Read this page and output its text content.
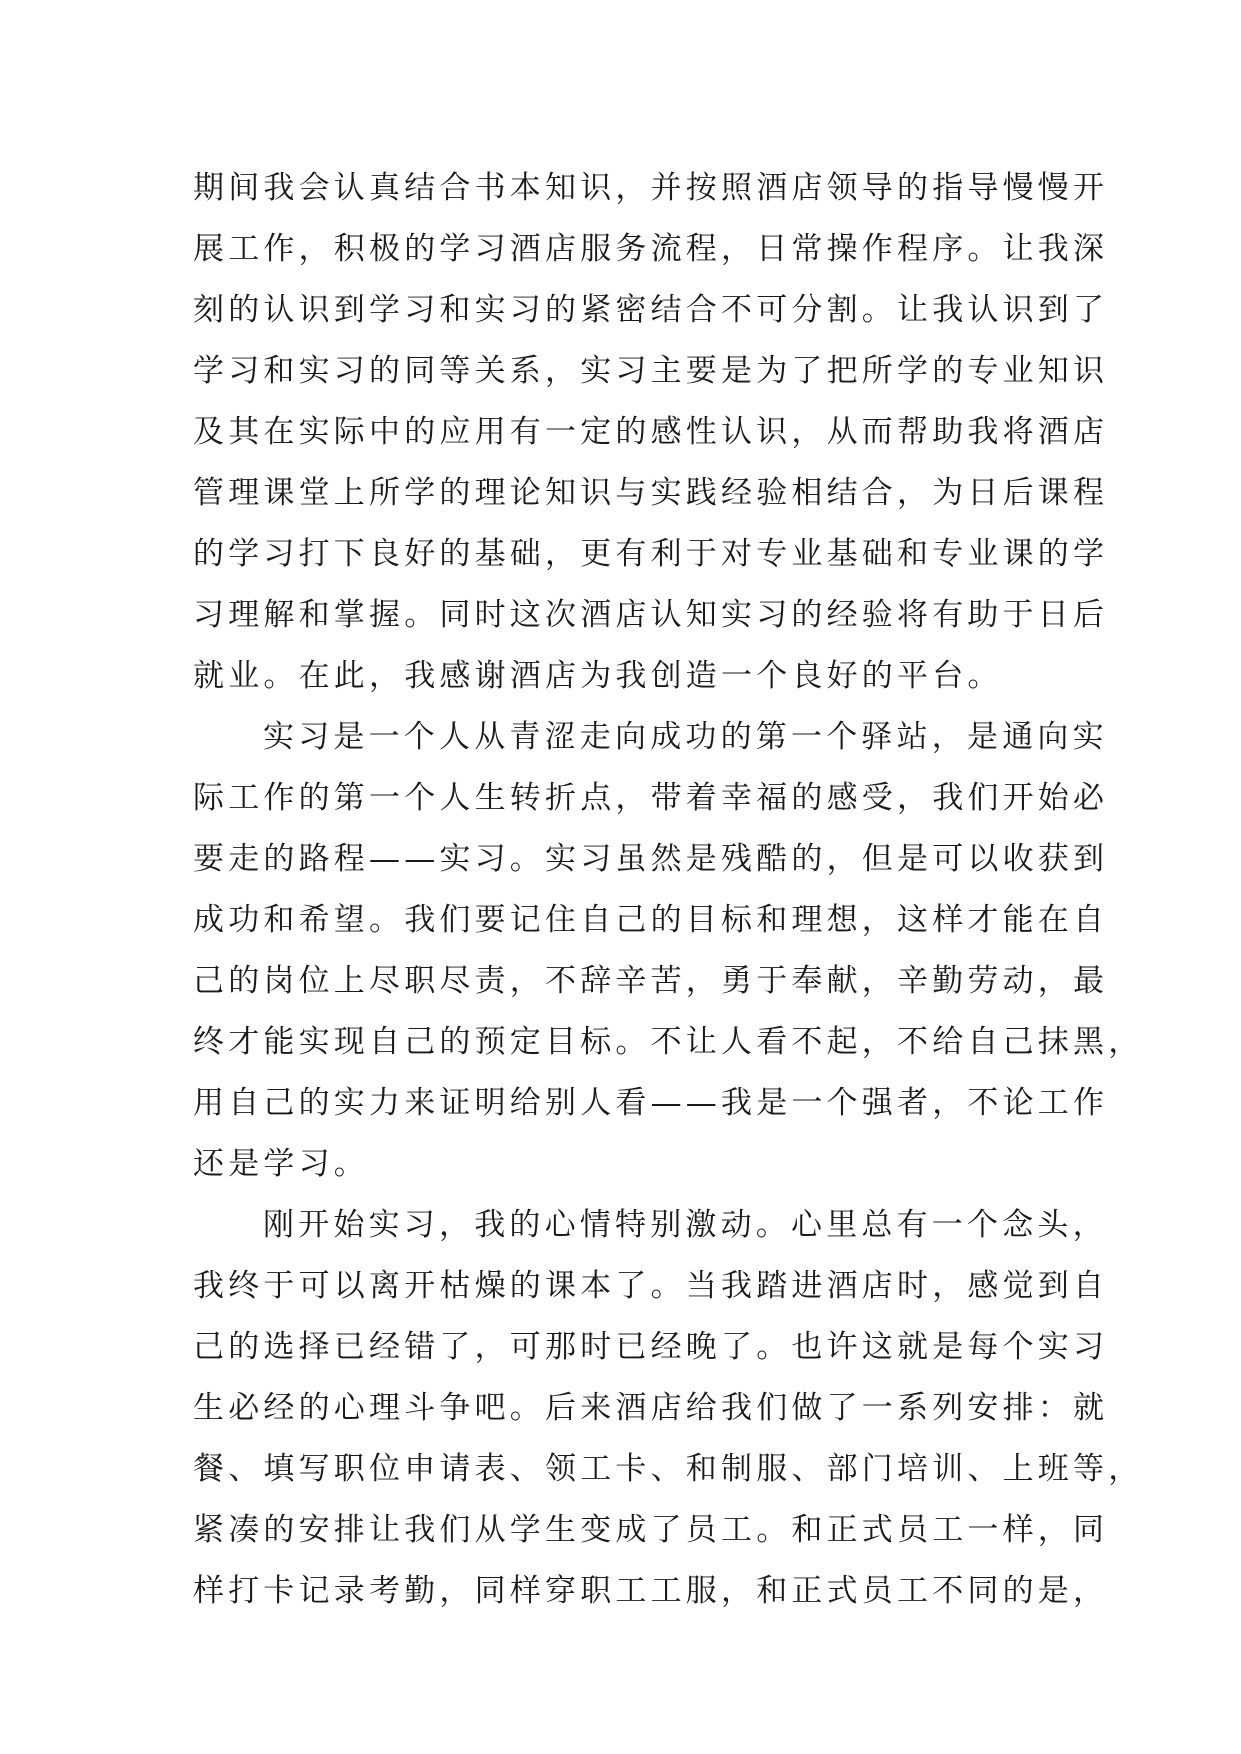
期间我会认真结合书本知识，并按照酒店领导的指导慢慢开
展工作，积极的学习酒店服务流程，日常操作程序。让我深
刻的认识到学习和实习的紧密结合不可分割。让我认识到了
学习和实习的同等关系，实习主要是为了把所学的专业知识
及其在实际中的应用有一定的感性认识，从而帮助我将酒店
管理课堂上所学的理论知识与实践经验相结合，为日后课程
的学习打下良好的基础，更有利于对专业基础和专业课的学
习理解和掌握。同时这次酒店认知实习的经验将有助于日后
就业。在此，我感谢酒店为我创造一个良好的平台。
实习是一个人从青涩走向成功的第一个驿站，是通向实
际工作的第一个人生转折点，带着幸福的感受，我们开始必
要走的路程——实习。实习虽然是残酷的，但是可以收获到
成功和希望。我们要记住自己的目标和理想，这样才能在自
己的岗位上尽职尽责，不辞辛苦，勇于奉献，辛勤劳动，最
终才能实现自己的预定目标。不让人看不起，不给自己抹黑，
用自己的实力来证明给别人看——我是一个强者，不论工作
还是学习。
刚开始实习，我的心情特别激动。心里总有一个念头，
我终于可以离开枯燥的课本了。当我踏进酒店时，感觉到自
己的选择已经错了，可那时已经晚了。也许这就是每个实习
生必经的心理斗争吧。后来酒店给我们做了一系列安排：就
餐、填写职位申请表、领工卡、和制服、部门培训、上班等，
紧凑的安排让我们从学生变成了员工。和正式员工一样，同
样打卡记录考勤，同样穿职工工服，和正式员工不同的是，
